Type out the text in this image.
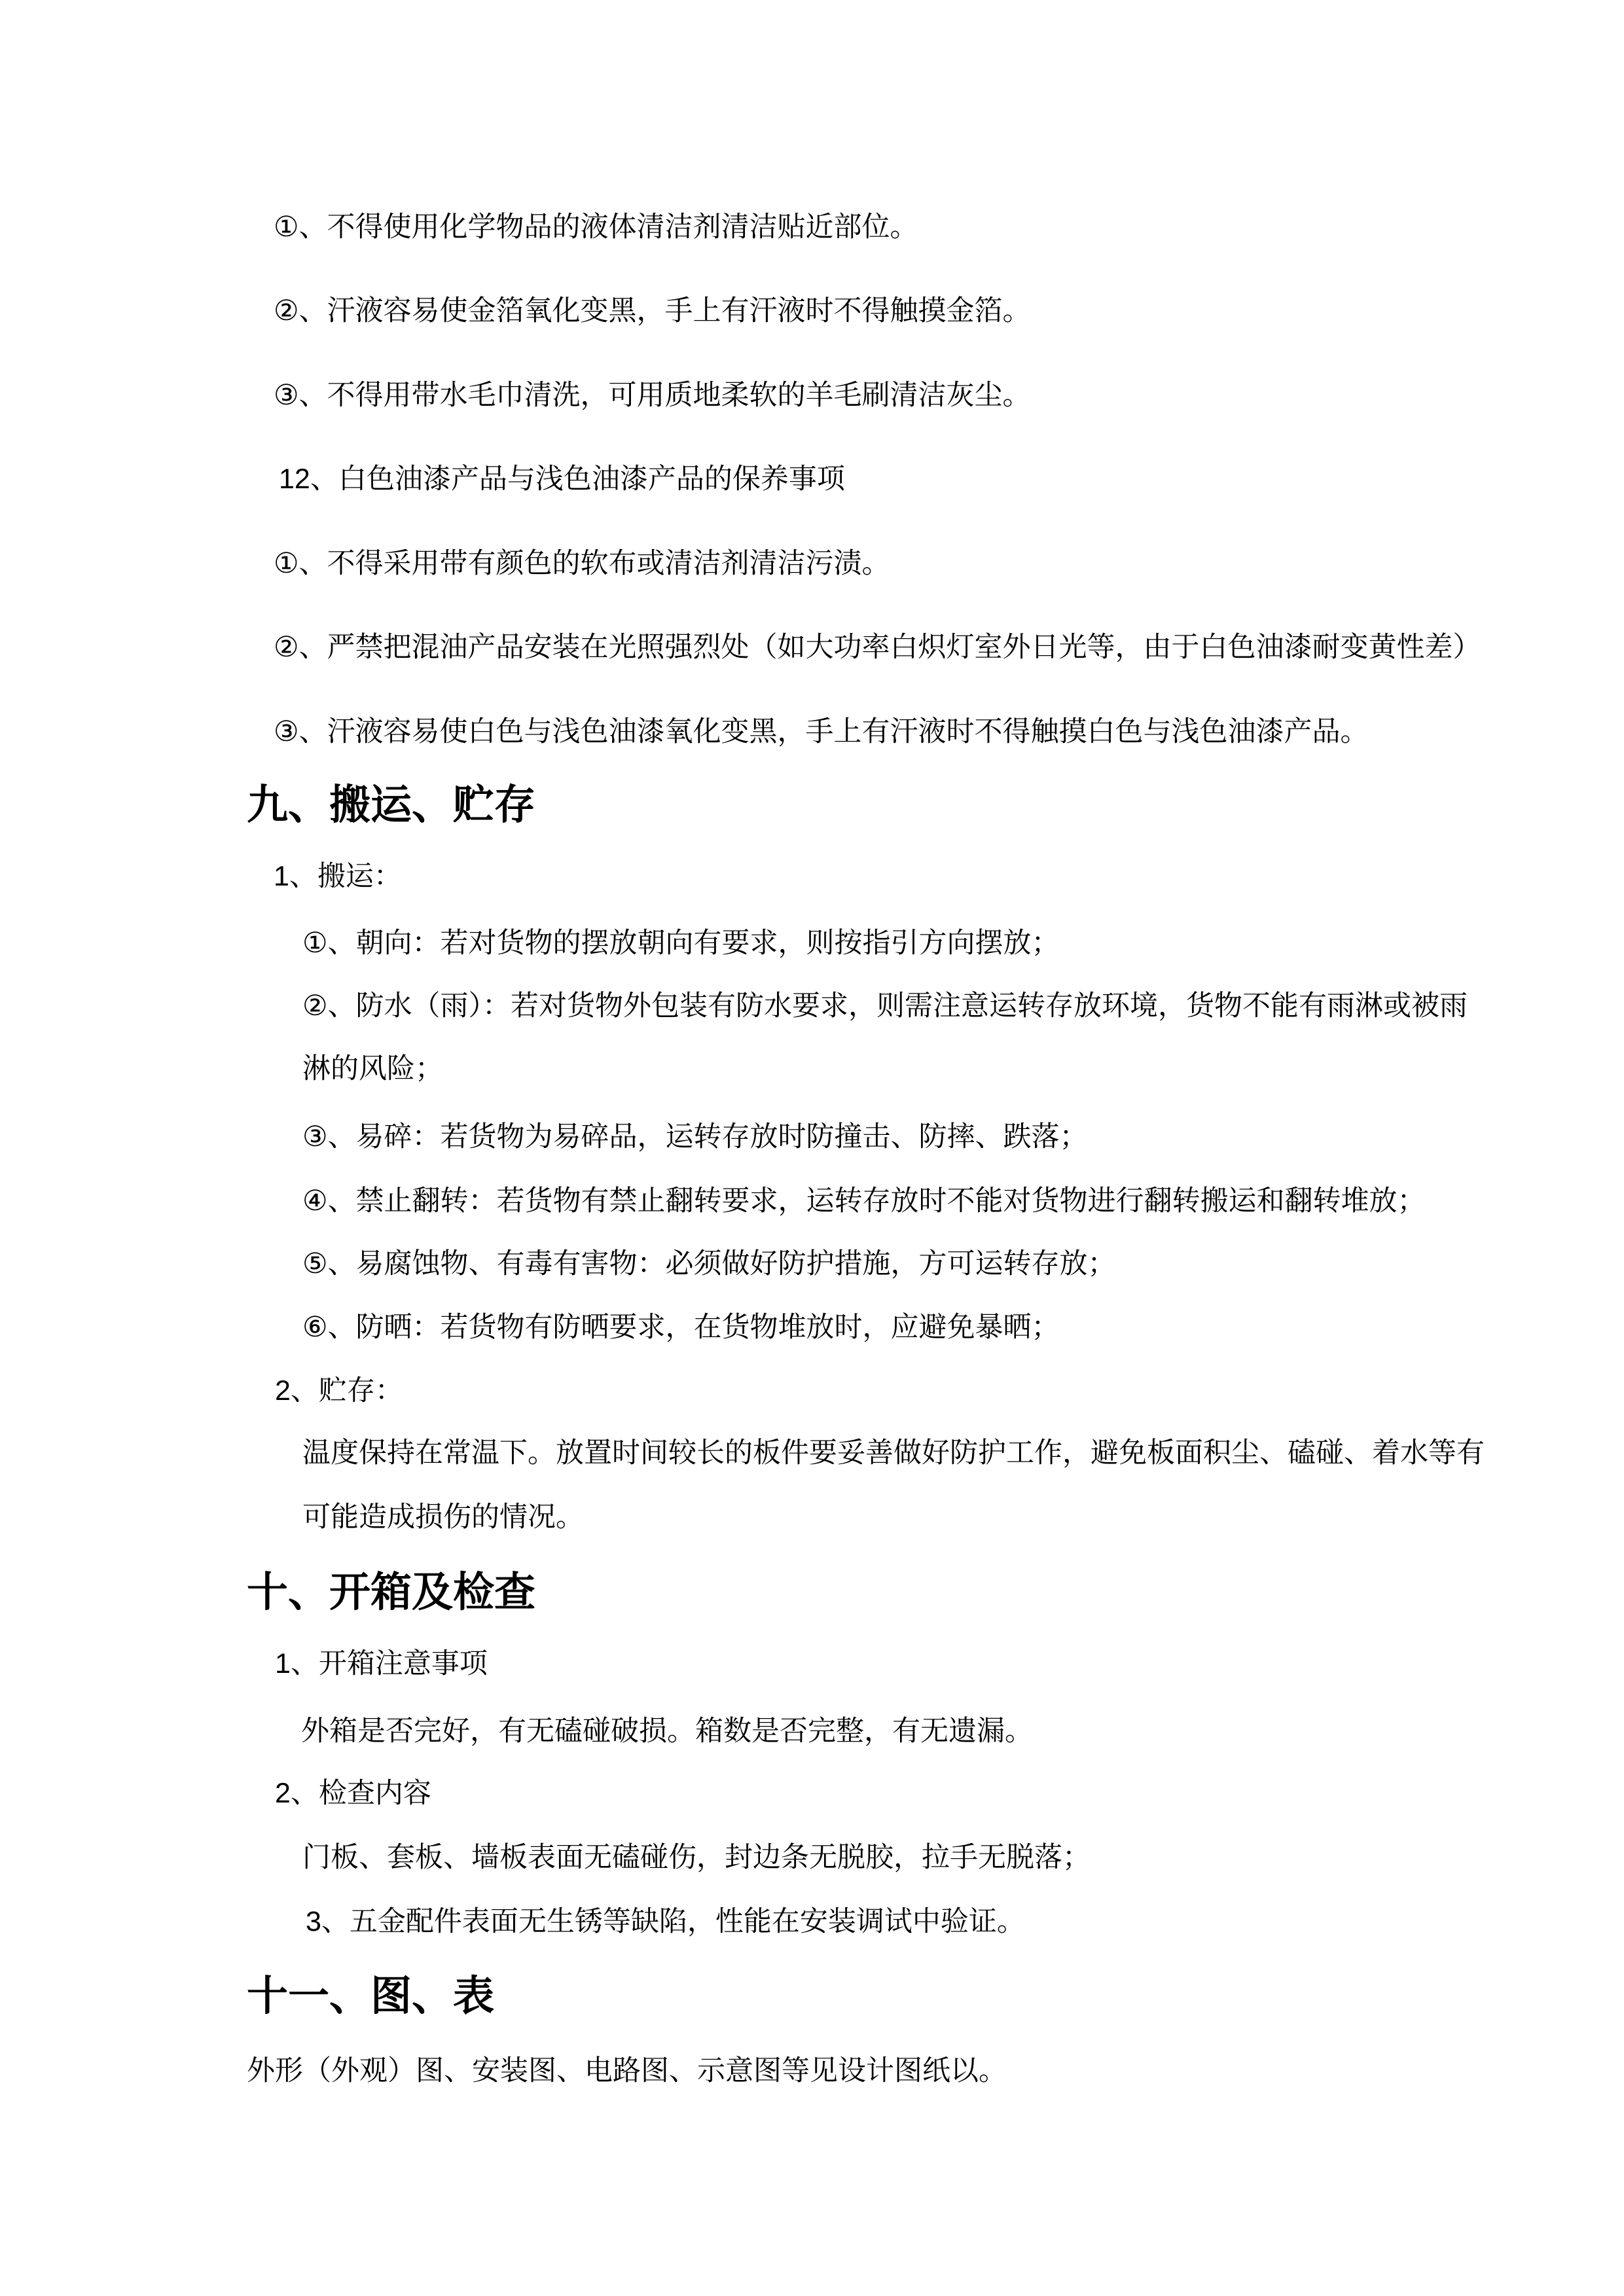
①、不得使用化学物品的液体清洁剂清洁贴近部位。
②、汗液容易使金箔氧化变黑，手上有汗液时不得触摸金箔。
③、不得用带水毛巾清洗，可用质地柔软的羊毛刷清洁灰尘。
12、白色油漆产品与浅色油漆产品的保养事项
①、不得采用带有颜色的软布或清洁剂清洁污渍。
②、严禁把混油产品安装在光照强烈处（如大功率白炽灯室外日光等，由于白色油漆耐变黄性差）
③、汗液容易使白色与浅色油漆氧化变黑，手上有汗液时不得触摸白色与浅色油漆产品。
九、搬运、贮存
1、搬运：
①、朝向：若对货物的摆放朝向有要求，则按指引方向摆放；
②、防水（雨）：若对货物外包装有防水要求，则需注意运转存放环境，货物不能有雨淋或被雨
淋的风险；
③、易碎：若货物为易碎品，运转存放时防撞击、防摔、跌落；
④、禁止翻转：若货物有禁止翻转要求，运转存放时不能对货物进行翻转搬运和翻转堆放；
⑤、易腐蚀物、有毒有害物：必须做好防护措施，方可运转存放；
⑥、防晒：若货物有防晒要求，在货物堆放时，应避免暴晒；
2、贮存：
温度保持在常温下。放置时间较长的板件要妥善做好防护工作，避免板面积尘、磕碰、着水等有
可能造成损伤的情况。
十、开箱及检查
1、开箱注意事项
外箱是否完好，有无磕碰破损。箱数是否完整，有无遗漏。
2、检查内容
门板、套板、墙板表面无磕碰伤，封边条无脱胶，拉手无脱落；
3、五金配件表面无生锈等缺陷，性能在安装调试中验证。
十一、图、表
外形（外观）图、安装图、电路图、示意图等见设计图纸以。
